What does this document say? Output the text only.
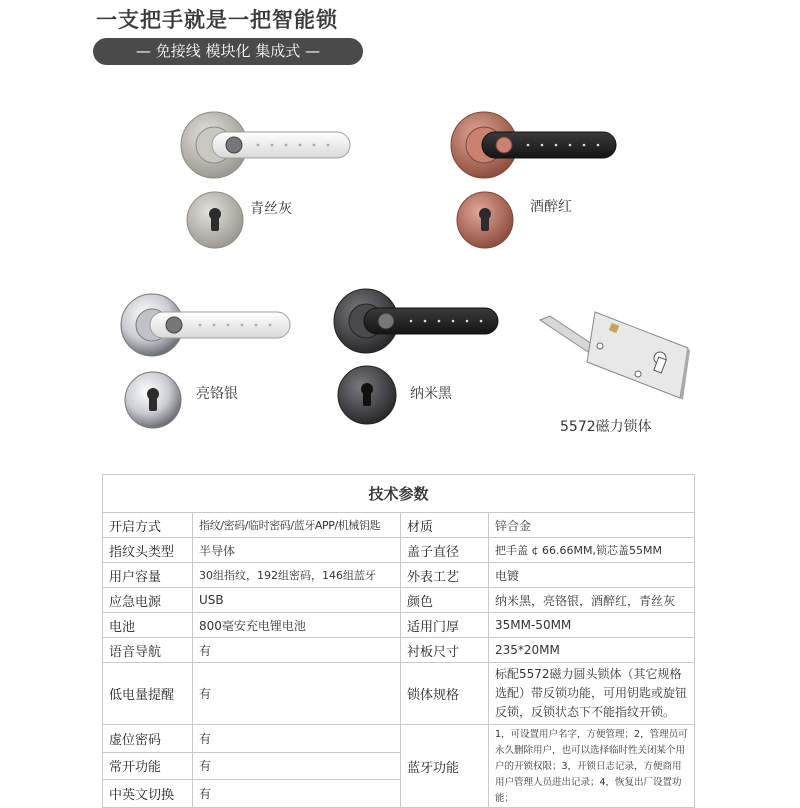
一支把手就是一把智能锁
— 免接线 模块化 集成式 —
青丝灰	酒醉红
亮铬银	纳米黑
5572磁力锁体
技术参数			
开启方式	指纹/密码/临时密码/蓝牙APP/机械钥匙	材质	锌合金
指纹头类型	半导体	盖子直径	把手盖 ¢ 66.66MM,锁芯盖55MM
用户容量	30组指纹，192组密码，146组蓝牙	外表工艺	电镀
应急电源	USB	颜色	纳米黑，亮铬银，酒醉红，青丝灰
电池	800毫安充电锂电池	适用门厚	35MM-50MM
语音导航	有	衬板尺寸	235*20MM
低电量提醒	有	锁体规格	标配5572磁力圆头锁体（其它规格选配）带反锁功能，可用钥匙或旋钮反锁，反锁状态下不能指纹开锁。
虚位密码	有	蓝牙功能	1，可设置用户名字，方便管理；2，管理员可永久删除用户，也可以选择临时性关闭某个用户的开锁权限；3，开锁日志记录，方便商用用户管理人员进出记录；4，恢复出厂设置功能；
常开功能	有		
中英文切换	有		
